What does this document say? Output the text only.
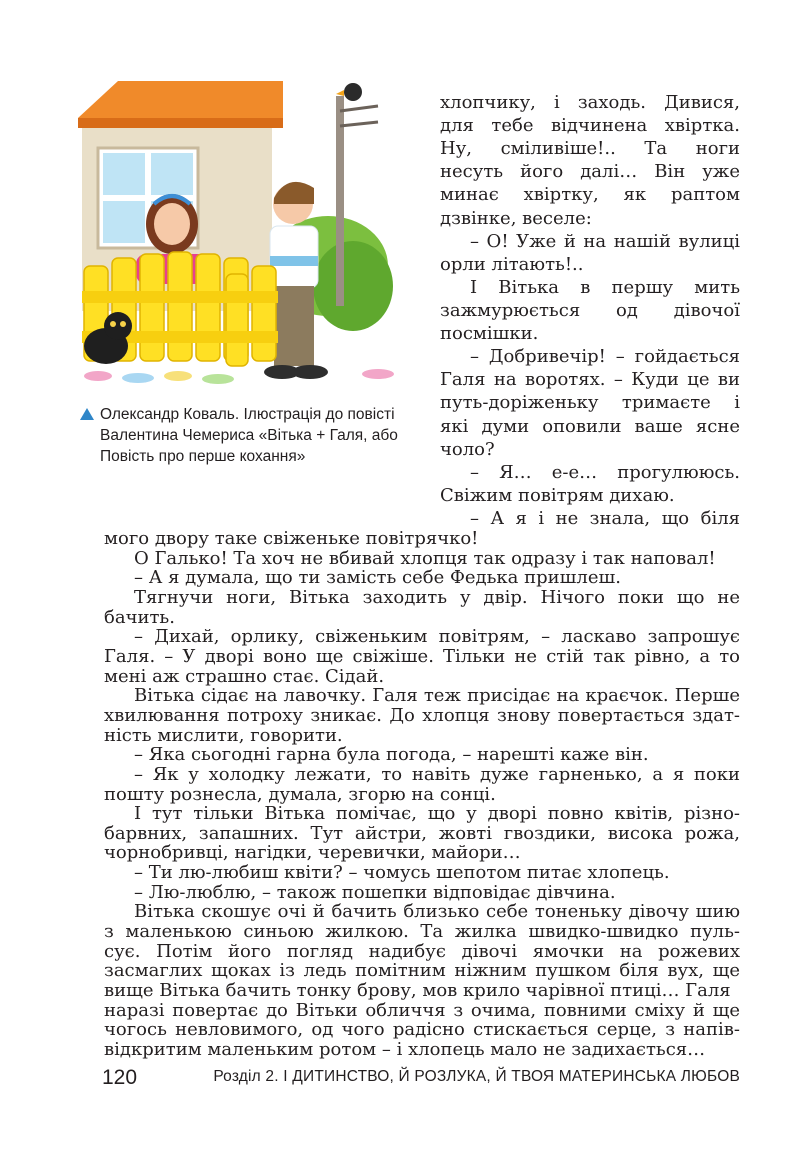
Олександр Коваль. Ілюстрація до повісті Валентина Чемериса «Вітька + Галя, або Повість про перше кохання»
хлопчику, і заходь. Дивися,
для тебе відчинена хвіртка.
Ну, сміливіше!.. Та ноги
несуть його далі… Він уже
минає хвіртку, як раптом
дзвінке, веселе:
– О! Уже й на нашій вулиці
орли літають!..
І Вітька в першу мить
зажмурюється од дівочої
посмішки.
– Добривечір! – гойдається
Галя на воротях. – Куди це ви
путь-доріженьку тримаєте і
які думи оповили ваше ясне
чоло?
– Я… е-е… прогулююсь.
Свіжим повітрям дихаю.
– А я і не знала, що біля
мого двору таке свіженьке повітрячко!
О Галько! Та хоч не вбивай хлопця так одразу і так наповал!
– А я думала, що ти замість себе Федька пришлеш.
Тягнучи ноги, Вітька заходить у двір. Нічого поки що не
бачить.
– Дихай, орлику, свіженьким повітрям, – ласкаво запрошує
Галя. – У дворі воно ще свіжіше. Тільки не стій так рівно, а то
мені аж страшно стає. Сідай.
Вітька сідає на лавочку. Галя теж присідає на краєчок. Перше
хвилювання потроху зникає. До хлопця знову повертається здат-
ність мислити, говорити.
– Яка сьогодні гарна була погода, – нарешті каже він.
– Як у холодку лежати, то навіть дуже гарненько, а я поки
пошту рознесла, думала, згорю на сонці.
І тут тільки Вітька помічає, що у дворі повно квітів, різно-
барвних, запашних. Тут айстри, жовті гвоздики, висока рожа,
чорнобривці, нагідки, черевички, майори…
– Ти лю-любиш квіти? – чомусь шепотом питає хлопець.
– Лю-люблю, – також пошепки відповідає дівчина.
Вітька скошує очі й бачить близько себе тоненьку дівочу шию
з маленькою синьою жилкою. Та жилка швидко-швидко пуль-
сує. Потім його погляд надибує дівочі ямочки на рожевих
засмаглих щоках із ледь помітним ніжним пушком біля вух, ще
120	Розділ 2. І ДИТИНСТВО, Й РОЗЛУКА, Й ТВОЯ МАТЕРИНСЬКА ЛЮБОВ
вище Вітька бачить тонку брову, мов крило чарівної птиці… Галя
наразі повертає до Вітьки обличчя з очима, повними сміху й ще
чогось невловимого, од чого радісно стискається серце, з напів-
відкритим маленьким ротом – і хлопець мало не задихається…
